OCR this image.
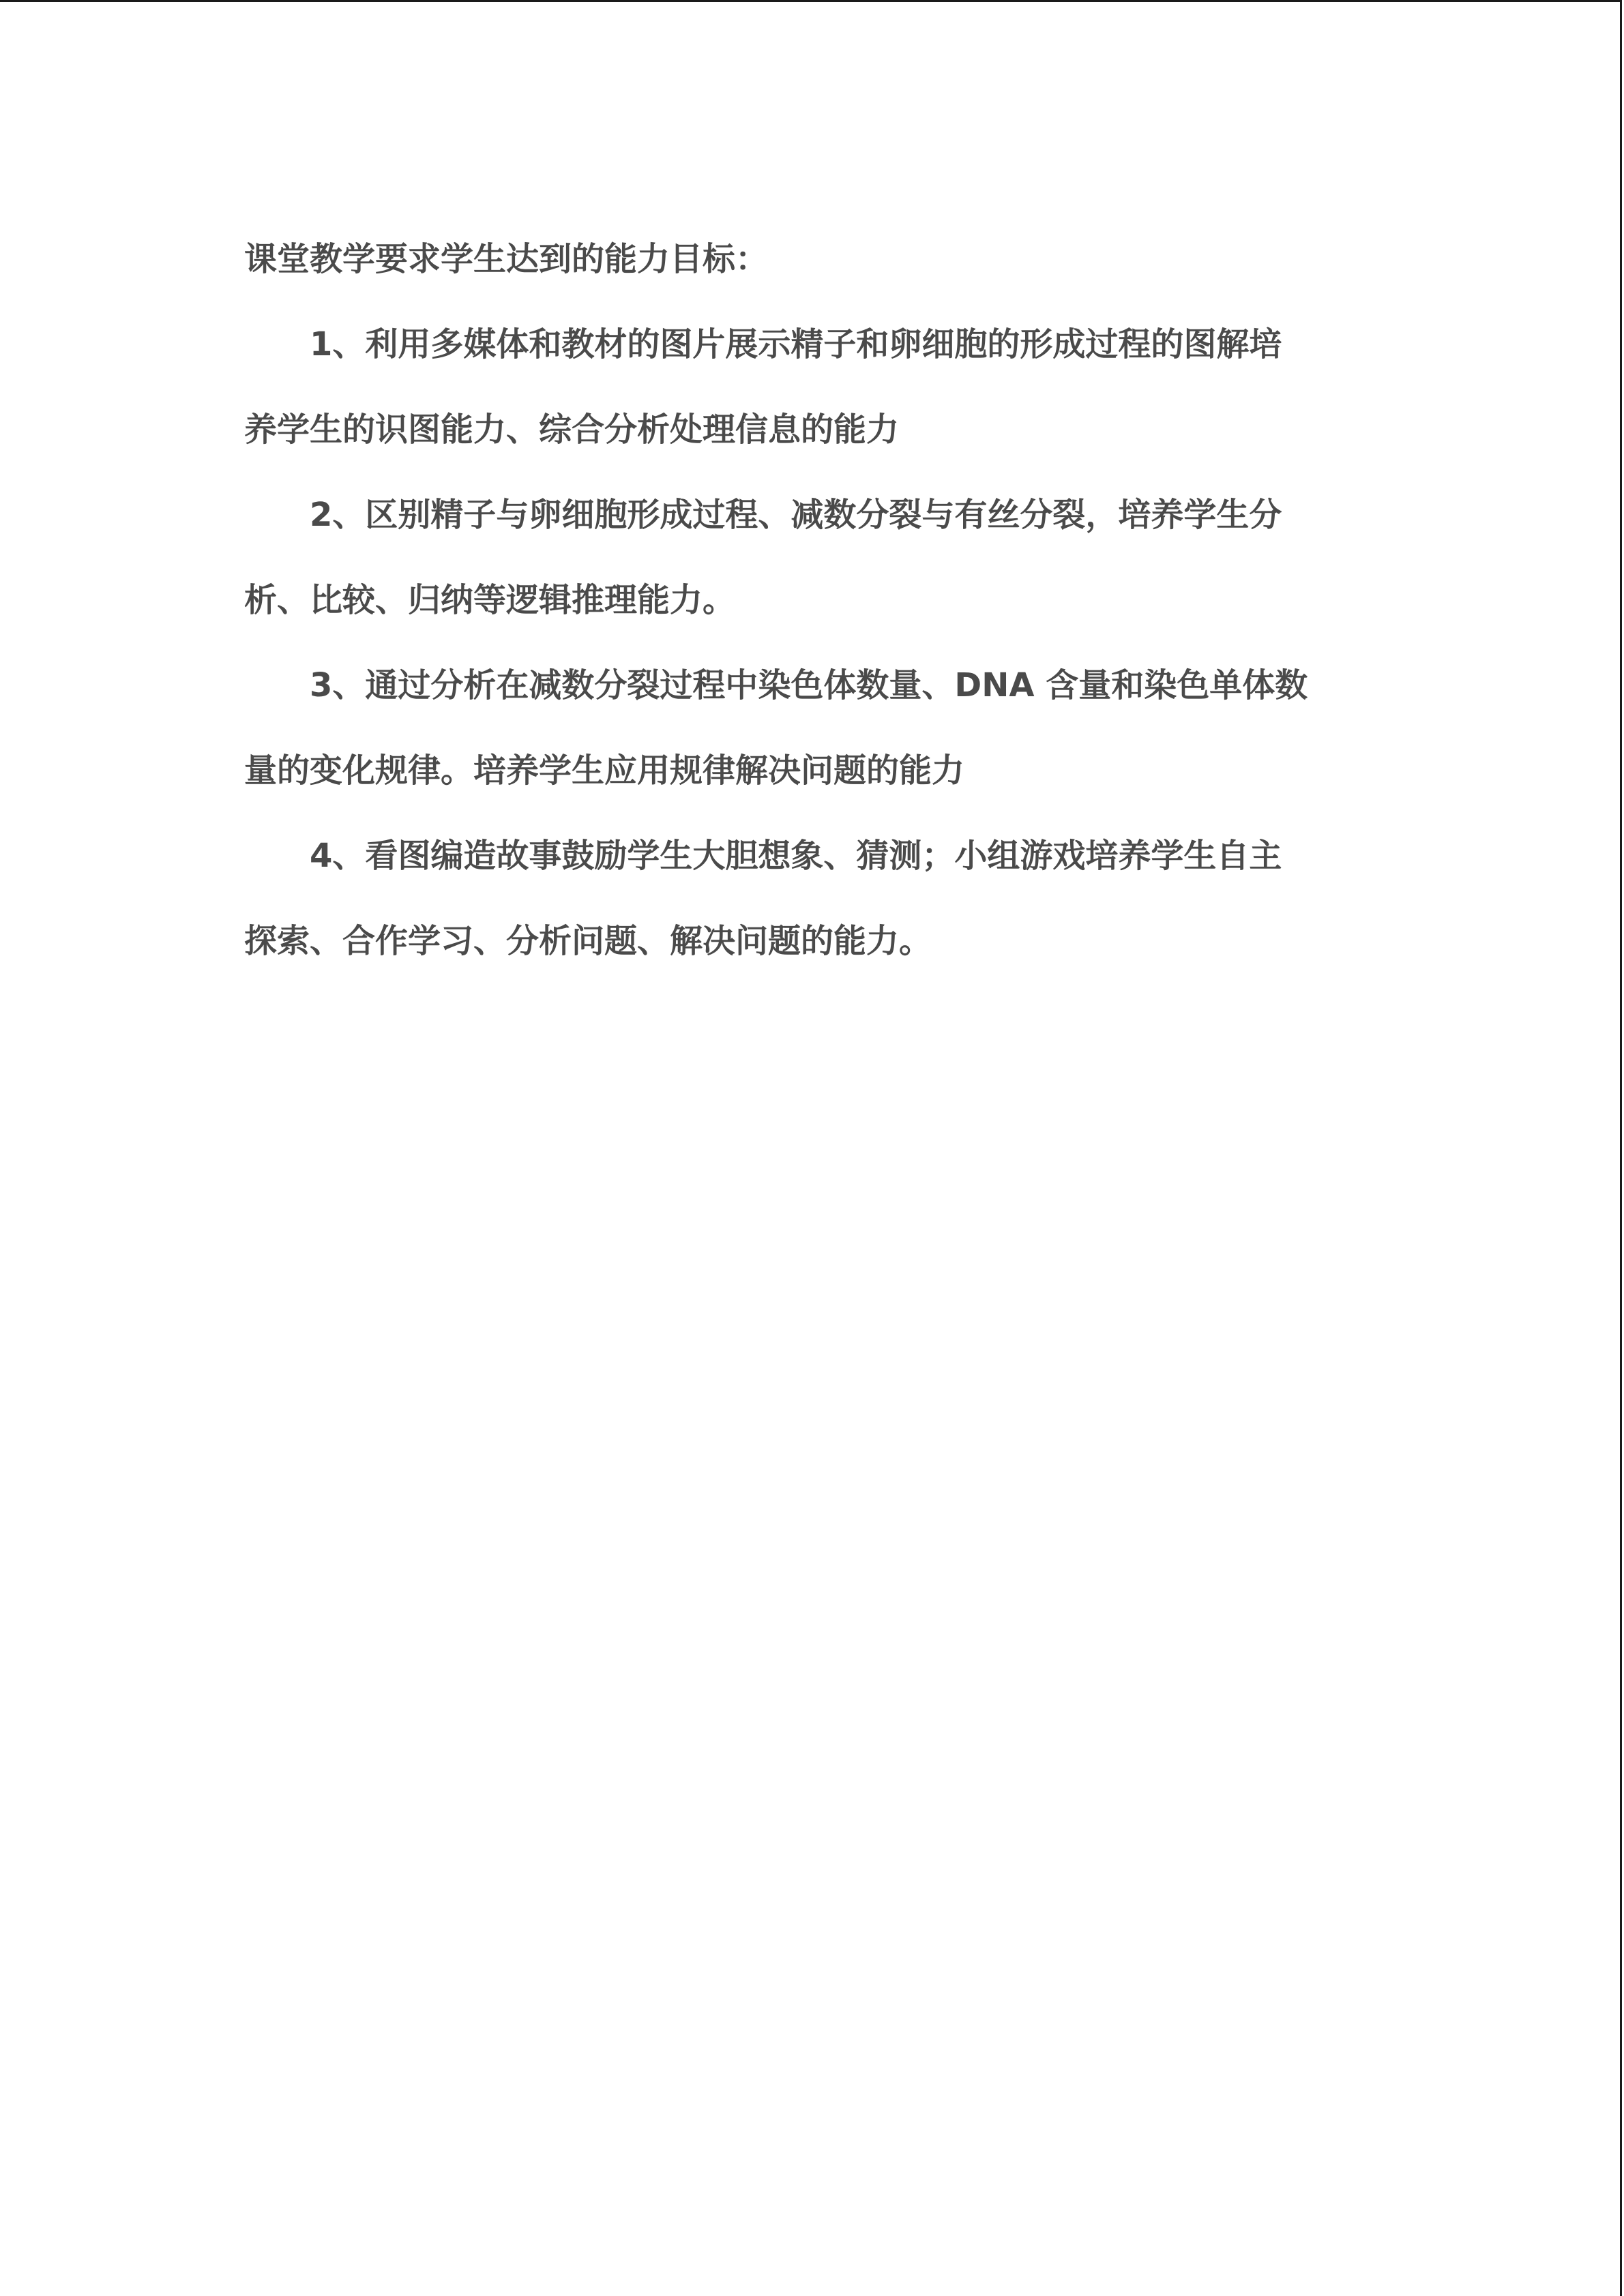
课堂教学要求学生达到的能力目标：
1、利用多媒体和教材的图片展示精子和卵细胞的形成过程的图解培
养学生的识图能力、综合分析处理信息的能力
2、区别精子与卵细胞形成过程、减数分裂与有丝分裂，培养学生分
析、比较、归纳等逻辑推理能力。
3、通过分析在减数分裂过程中染色体数量、DNA 含量和染色单体数
量的变化规律。培养学生应用规律解决问题的能力
4、看图编造故事鼓励学生大胆想象、猜测；小组游戏培养学生自主
探索、合作学习、分析问题、解决问题的能力。
